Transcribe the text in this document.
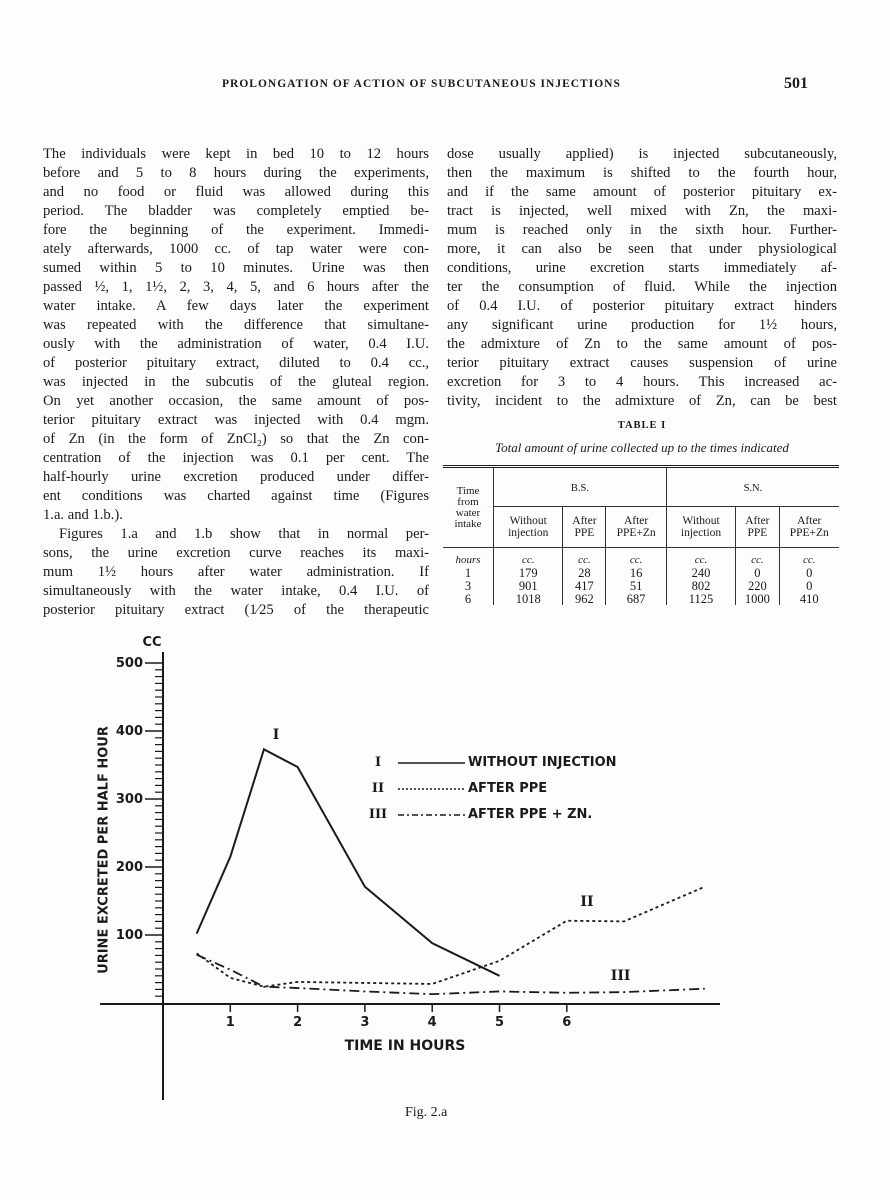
PROLONGATION OF ACTION OF SUBCUTANEOUS INJECTIONS	501
The individuals were kept in bed 10 to 12 hours
before and 5 to 8 hours during the experiments,
and no food or fluid was allowed during this
period. The bladder was completely emptied be-
fore the beginning of the experiment. Immedi-
ately afterwards, 1000 cc. of tap water were con-
sumed within 5 to 10 minutes. Urine was then
passed ½, 1, 1½, 2, 3, 4, 5, and 6 hours after the
water intake. A few days later the experiment
was repeated with the difference that simultane-
ously with the administration of water, 0.4 I.U.
of posterior pituitary extract, diluted to 0.4 cc.,
was injected in the subcutis of the gluteal region.
On yet another occasion, the same amount of pos-
terior pituitary extract was injected with 0.4 mgm.
of Zn (in the form of ZnCl₂) so that the Zn con-
centration of the injection was 0.1 per cent. The
half-hourly urine excretion produced under differ-
ent conditions was charted against time (Figures
1.a. and 1.b.).
Figures 1.a and 1.b show that in normal per-
sons, the urine excretion curve reaches its maxi-
mum 1½ hours after water administration. If
simultaneously with the water intake, 0.4 I.U. of
posterior pituitary extract (1⁄25 of the therapeutic
dose usually applied) is injected subcutaneously,
then the maximum is shifted to the fourth hour,
and if the same amount of posterior pituitary ex-
tract is injected, well mixed with Zn, the maxi-
mum is reached only in the sixth hour. Further-
more, it can also be seen that under physiological
conditions, urine excretion starts immediately af-
ter the consumption of fluid. While the injection
of 0.4 I.U. of posterior pituitary extract hinders
any significant urine production for 1½ hours,
the admixture of Zn to the same amount of pos-
terior pituitary extract causes suspension of urine
excretion for 3 to 4 hours. This increased ac-
tivity, incident to the admixture of Zn, can be best
TABLE I
Total amount of urine collected up to the times indicated
Time from water intake	B.S.			S.N.		
	Without injection	After PPE	After PPE+Zn	Without injection	After PPE	After PPE+Zn
hours	cc.	cc.	cc.	cc.	cc.	cc.
1	179	28	16	240	0	0
3	901	417	51	802	220	0
6	1018	962	687	1125	1000	410
100
200
300
400
500
CC
URINE EXCRETED PER HALF HOUR
1	2	3	4	5	6
TIME IN HOURS
I
I	WITHOUT INJECTION
II
II	AFTER PPE
III
III	AFTER PPE + ZN.
Fig. 2.a
